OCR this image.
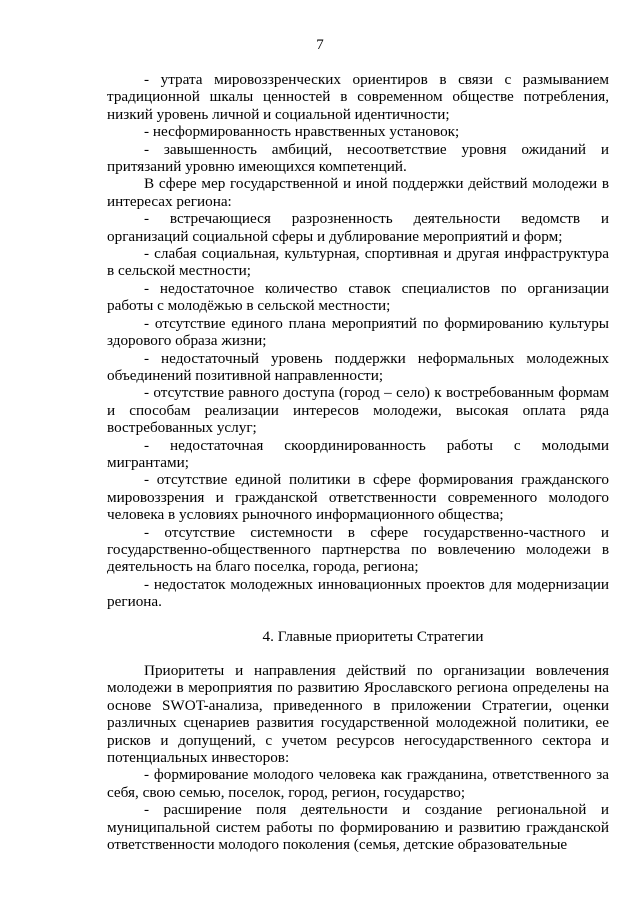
7

- утрата мировоззренческих ориентиров в связи с размыванием традиционной шкалы ценностей в современном обществе потребления, низкий уровень личной и социальной идентичности;

- несформированность нравственных установок;

- завышенность амбиций, несоответствие уровня ожиданий и притязаний уровню имеющихся компетенций.

В сфере мер государственной и иной поддержки действий молодежи в интересах региона:

- встречающиеся разрозненность деятельности ведомств и организаций социальной сферы и дублирование мероприятий и форм;

- слабая социальная, культурная, спортивная и другая инфраструктура в сельской местности;

- недостаточное количество ставок специалистов по организации работы с молодёжью в сельской местности;

- отсутствие единого плана мероприятий по формированию культуры здорового образа жизни;

- недостаточный уровень поддержки неформальных молодежных объединений позитивной направленности;

- отсутствие равного доступа (город – село) к востребованным формам и способам реализации интересов молодежи, высокая оплата ряда востребованных услуг;

- недостаточная скоординированность работы с молодыми мигрантами;

- отсутствие единой политики в сфере формирования гражданского мировоззрения и гражданской ответственности современного молодого человека в условиях рыночного информационного общества;

- отсутствие системности в сфере государственно-частного и государственно-общественного партнерства по вовлечению молодежи в деятельность на благо поселка, города, региона;

- недостаток молодежных инновационных проектов для модернизации региона.

4. Главные приоритеты Стратегии

Приоритеты и направления действий по организации вовлечения молодежи в мероприятия по развитию Ярославского региона определены на основе SWOT-анализа, приведенного в приложении Стратегии, оценки различных сценариев развития государственной молодежной политики, ее рисков и допущений, с учетом ресурсов негосударственного сектора и потенциальных инвесторов:

- формирование молодого человека как гражданина, ответственного за себя, свою семью, поселок, город, регион, государство;

- расширение поля деятельности и создание региональной и муниципальной систем работы по формированию и развитию гражданской ответственности молодого поколения (семья, детские образовательные
